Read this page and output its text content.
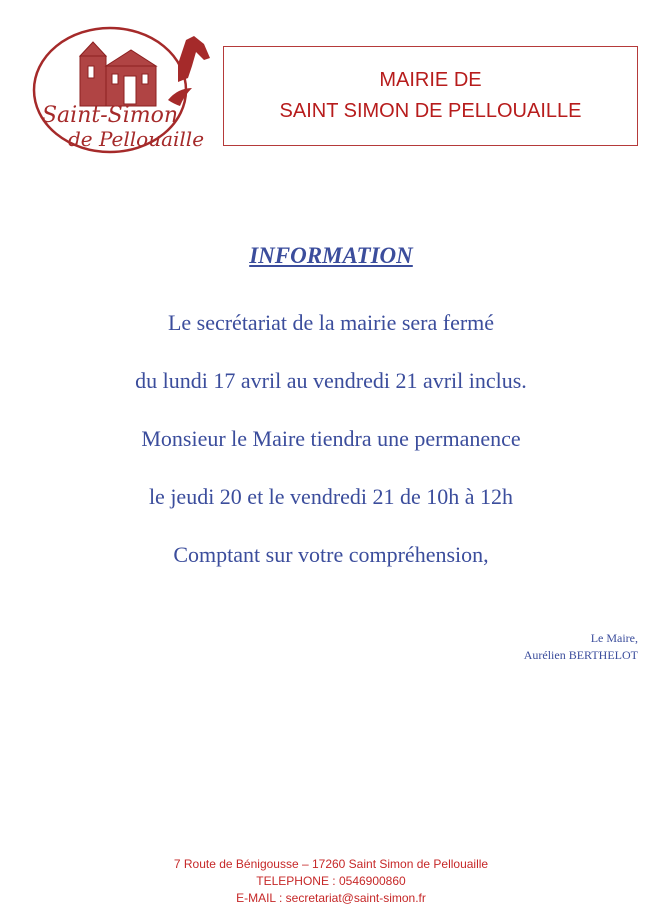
Saint-Simon
de Pellouaille
MAIRIE DE
SAINT SIMON DE PELLOUAILLE
INFORMATION
Le secrétariat de la mairie sera fermé
du lundi 17 avril au vendredi 21 avril inclus.
Monsieur le Maire tiendra une permanence
le jeudi 20 et le vendredi 21 de 10h à 12h
Comptant sur votre compréhension,
Le Maire,
Aurélien BERTHELOT
7 Route de Bénigousse – 17260 Saint Simon de Pellouaille
TELEPHONE : 0546900860
E-MAIL : secretariat@saint-simon.fr
